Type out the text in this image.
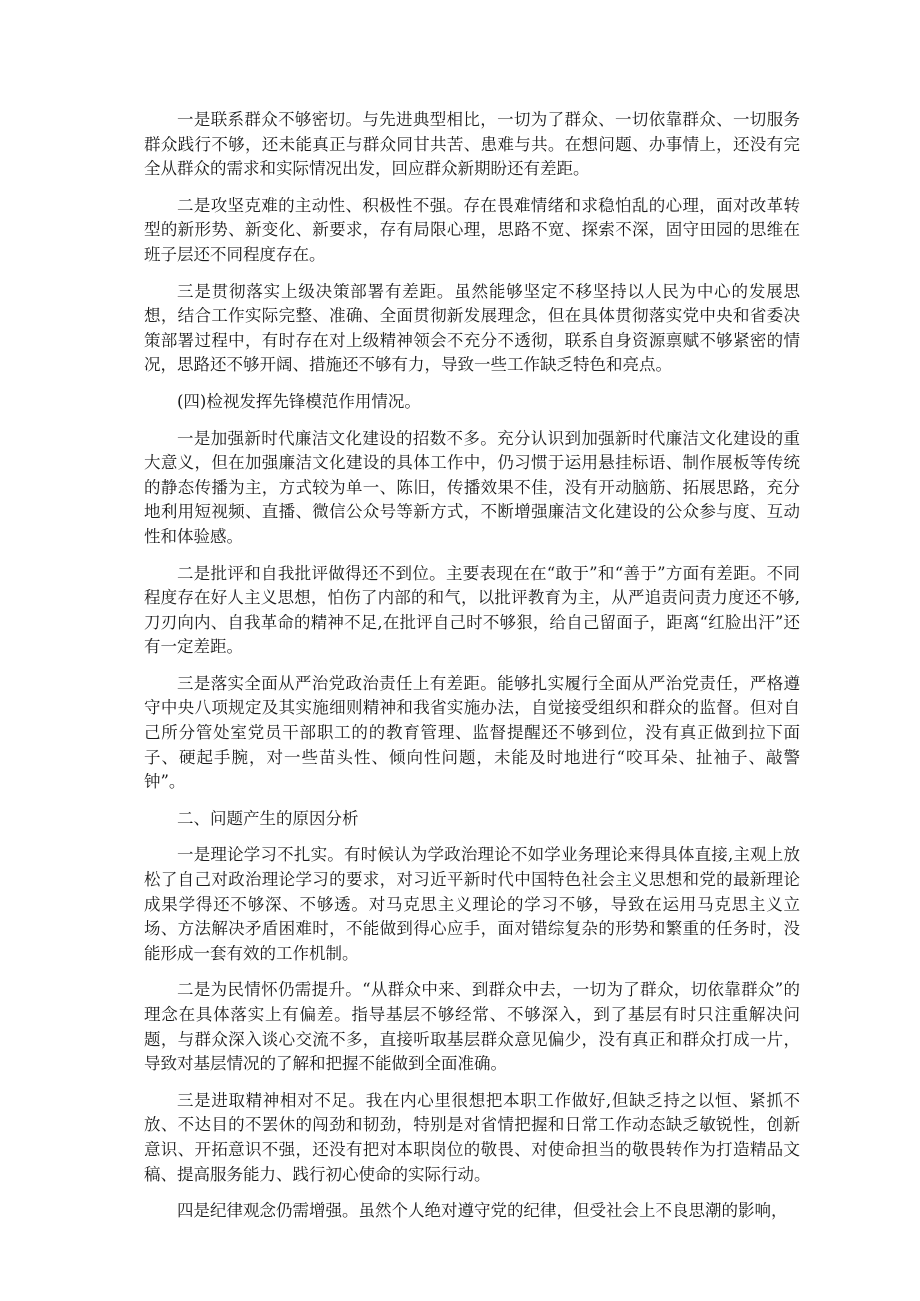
一是联系群众不够密切。与先进典型相比，一切为了群众、一切依靠群众、一切服务群众践行不够，还未能真正与群众同甘共苦、患难与共。在想问题、办事情上，还没有完全从群众的需求和实际情况出发，回应群众新期盼还有差距。

二是攻坚克难的主动性、积极性不强。存在畏难情绪和求稳怕乱的心理，面对改革转型的新形势、新变化、新要求，存有局限心理，思路不宽、探索不深，固守田园的思维在班子层还不同程度存在。

三是贯彻落实上级决策部署有差距。虽然能够坚定不移坚持以人民为中心的发展思想，结合工作实际完整、准确、全面贯彻新发展理念，但在具体贯彻落实党中央和省委决策部署过程中，有时存在对上级精神领会不充分不透彻，联系自身资源禀赋不够紧密的情况，思路还不够开阔、措施还不够有力，导致一些工作缺乏特色和亮点。

(四)检视发挥先锋模范作用情况。

一是加强新时代廉洁文化建设的招数不多。充分认识到加强新时代廉洁文化建设的重大意义，但在加强廉洁文化建设的具体工作中，仍习惯于运用悬挂标语、制作展板等传统的静态传播为主，方式较为单一、陈旧，传播效果不佳，没有开动脑筋、拓展思路，充分地利用短视频、直播、微信公众号等新方式，不断增强廉洁文化建设的公众参与度、互动性和体验感。

二是批评和自我批评做得还不到位。主要表现在在“敢于”和“善于”方面有差距。不同程度存在好人主义思想，怕伤了内部的和气，以批评教育为主，从严追责问责力度还不够,刀刃向内、自我革命的精神不足,在批评自己时不够狠，给自己留面子，距离“红脸出汗”还有一定差距。

三是落实全面从严治党政治责任上有差距。能够扎实履行全面从严治党责任，严格遵守中央八项规定及其实施细则精神和我省实施办法，自觉接受组织和群众的监督。但对自己所分管处室党员干部职工的的教育管理、监督提醒还不够到位，没有真正做到拉下面子、硬起手腕，对一些苗头性、倾向性问题，未能及时地进行“咬耳朵、扯袖子、敲警钟”。

二、问题产生的原因分析

一是理论学习不扎实。有时候认为学政治理论不如学业务理论来得具体直接,主观上放松了自己对政治理论学习的要求，对习近平新时代中国特色社会主义思想和党的最新理论成果学得还不够深、不够透。对马克思主义理论的学习不够，导致在运用马克思主义立场、方法解决矛盾困难时，不能做到得心应手，面对错综复杂的形势和繁重的任务时，没能形成一套有效的工作机制。

二是为民情怀仍需提升。“从群众中来、到群众中去，一切为了群众，切依靠群众”的理念在具体落实上有偏差。指导基层不够经常、不够深入，到了基层有时只注重解决问题，与群众深入谈心交流不多，直接听取基层群众意见偏少，没有真正和群众打成一片，导致对基层情况的了解和把握不能做到全面准确。

三是进取精神相对不足。我在内心里很想把本职工作做好,但缺乏持之以恒、紧抓不放、不达目的不罢休的闯劲和韧劲，特别是对省情把握和日常工作动态缺乏敏锐性，创新意识、开拓意识不强，还没有把对本职岗位的敬畏、对使命担当的敬畏转作为打造精品文稿、提高服务能力、践行初心使命的实际行动。

四是纪律观念仍需增强。虽然个人绝对遵守党的纪律，但受社会上不良思潮的影响，
